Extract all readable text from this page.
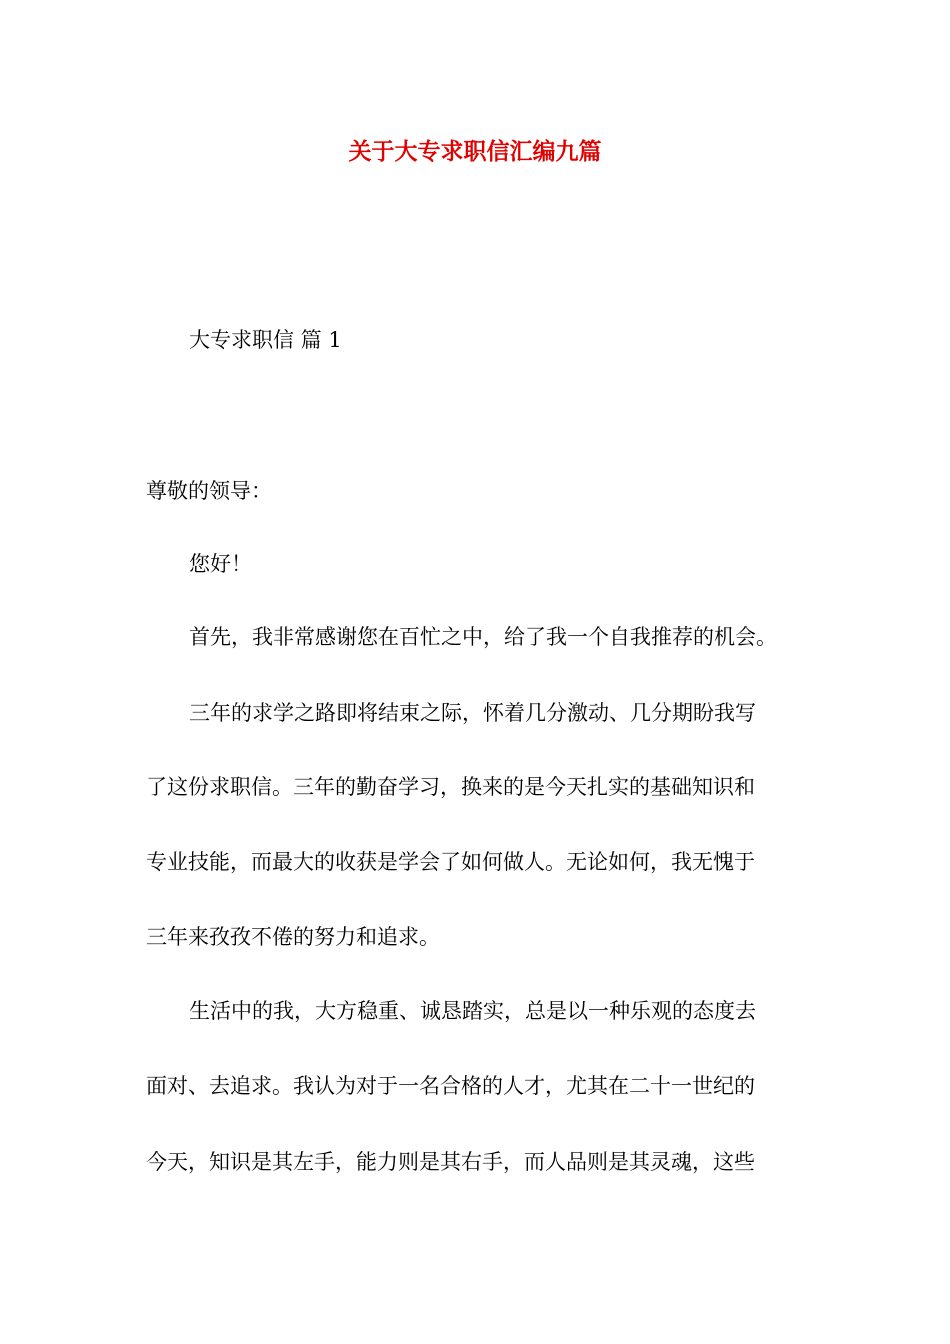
关于大专求职信汇编九篇
大专求职信 篇 1
尊敬的领导：
您好！
首先，我非常感谢您在百忙之中，给了我一个自我推荐的机会。
三年的求学之路即将结束之际，怀着几分激动、几分期盼我写
了这份求职信。三年的勤奋学习，换来的是今天扎实的基础知识和
专业技能，而最大的收获是学会了如何做人。无论如何，我无愧于
三年来孜孜不倦的努力和追求。
生活中的我，大方稳重、诚恳踏实，总是以一种乐观的态度去
面对、去追求。我认为对于一名合格的人才，尤其在二十一世纪的
今天，知识是其左手，能力则是其右手，而人品则是其灵魂，这些
